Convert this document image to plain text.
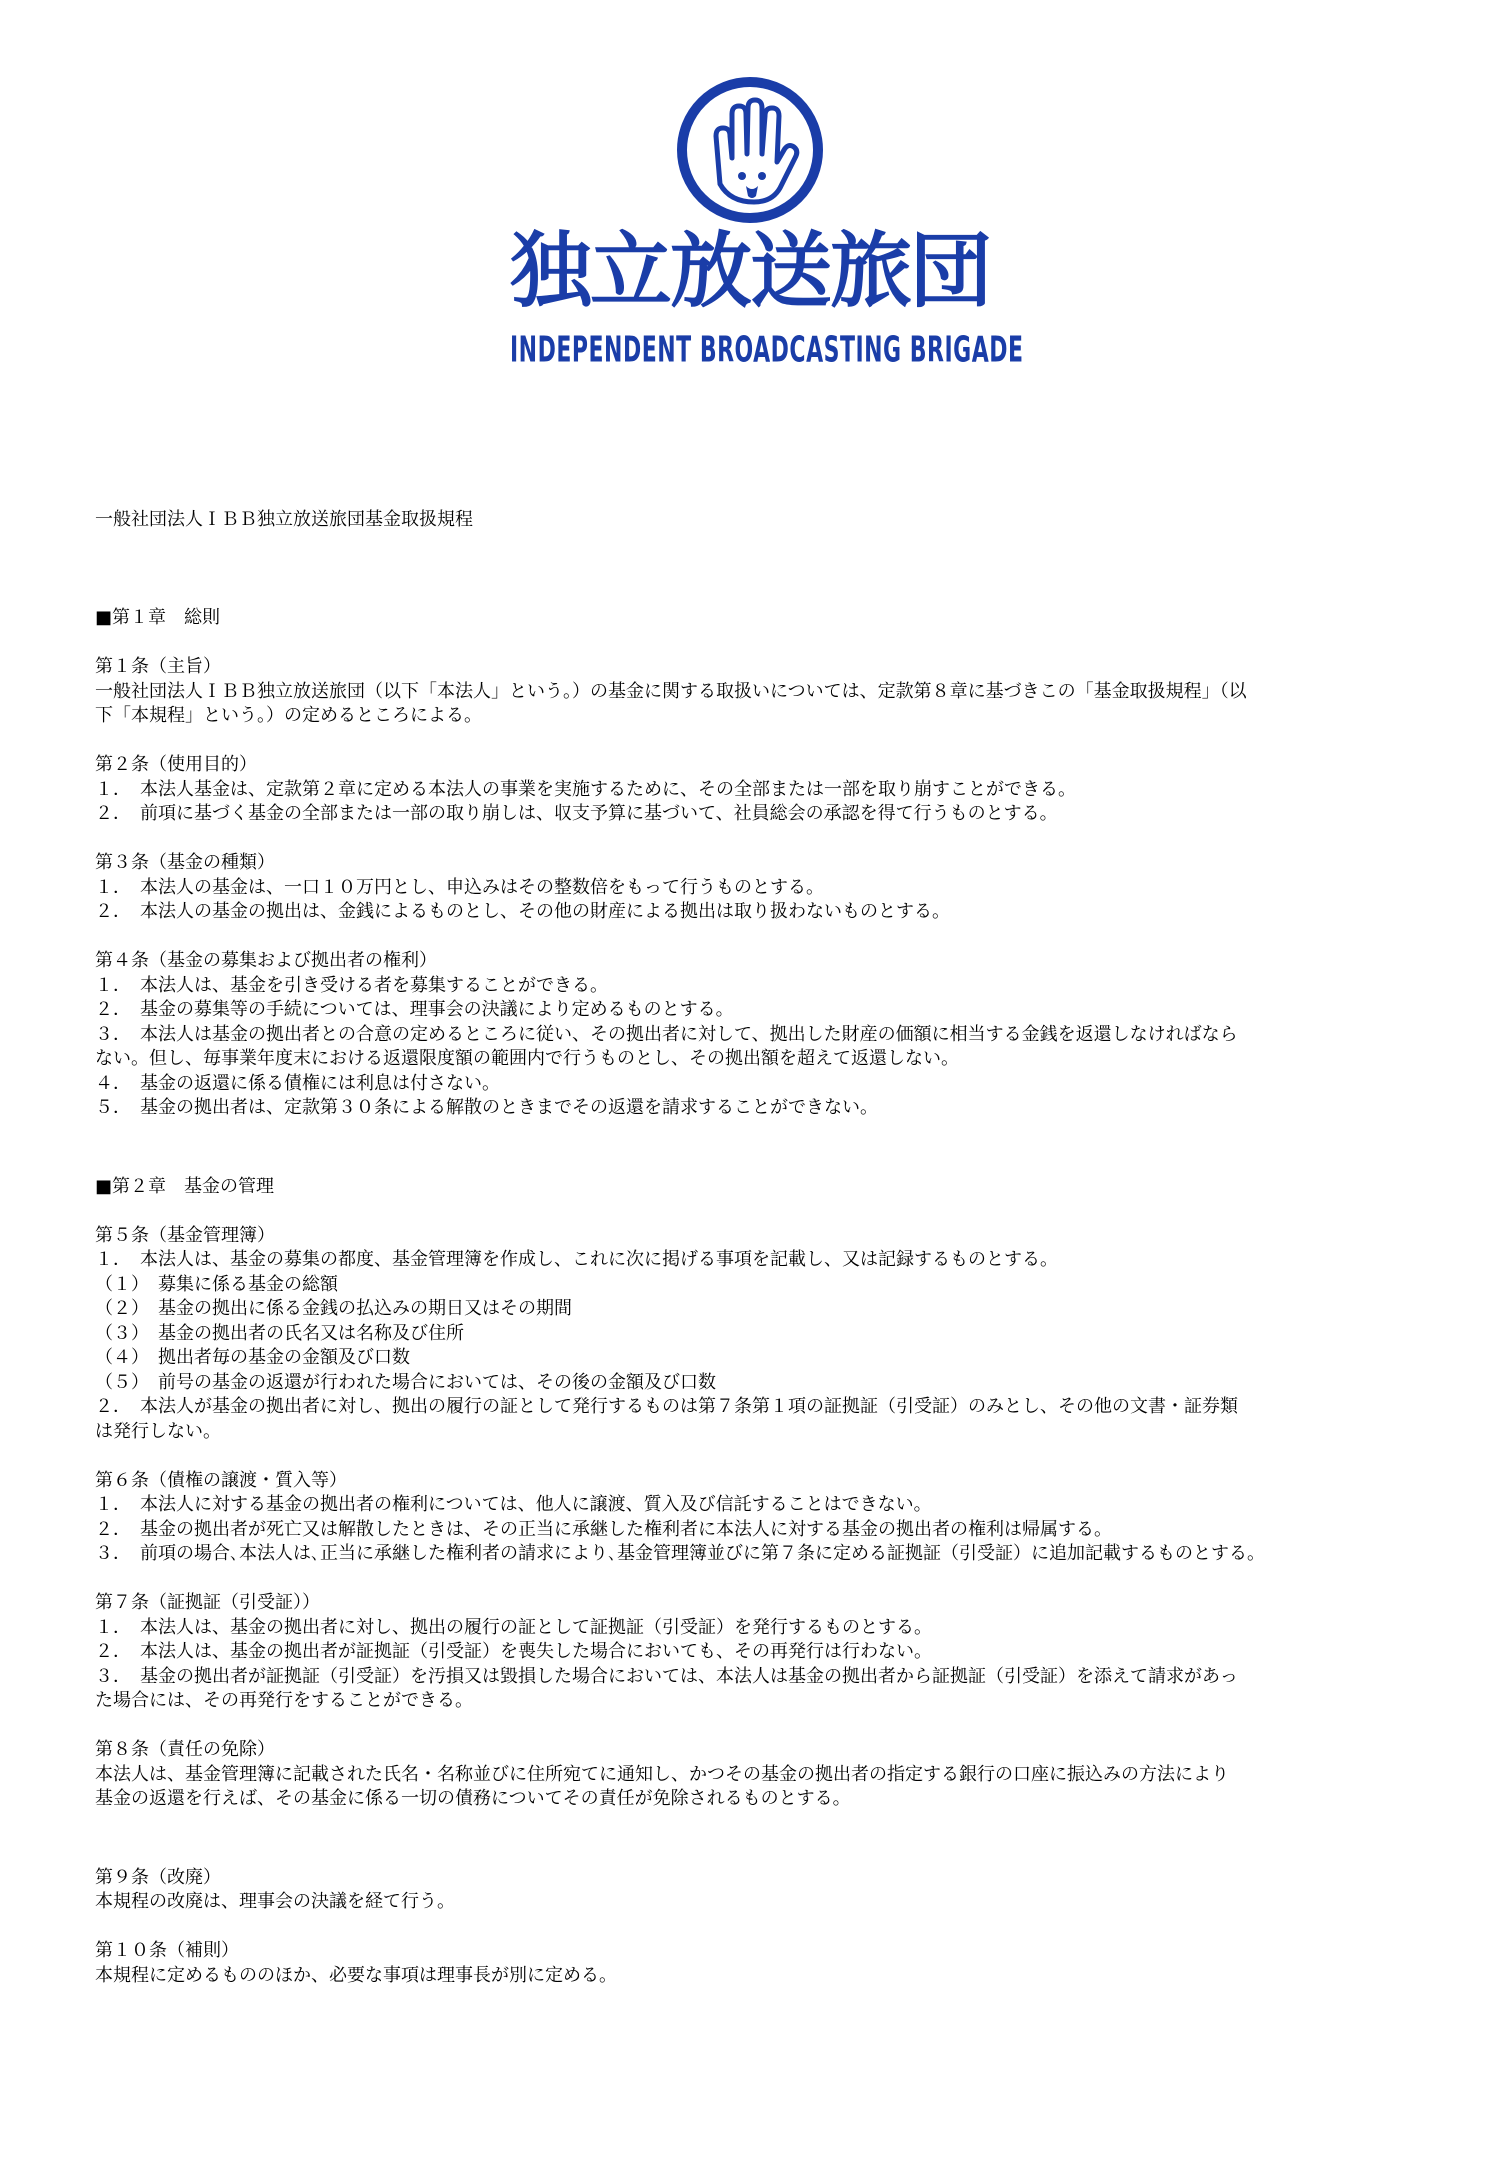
独立放送旅団
INDEPENDENT BROADCASTING BRIGADE

一般社団法人ＩＢＢ独立放送旅団基金取扱規程

■第１章　総則

第１条（主旨）

一般社団法人ＩＢＢ独立放送旅団（以下「本法人」という。）の基金に関する取扱いについては、定款第８章に基づきこの「基金取扱規程」（以

下「本規程」という。）の定めるところによる。

第２条（使用目的）

１．　本法人基金は、定款第２章に定める本法人の事業を実施するために、その全部または一部を取り崩すことができる。

２．　前項に基づく基金の全部または一部の取り崩しは、収支予算に基づいて、社員総会の承認を得て行うものとする。

第３条（基金の種類）

１．　本法人の基金は、一口１０万円とし、申込みはその整数倍をもって行うものとする。

２．　本法人の基金の拠出は、金銭によるものとし、その他の財産による拠出は取り扱わないものとする。

第４条（基金の募集および拠出者の権利）

１．　本法人は、基金を引き受ける者を募集することができる。

２．　基金の募集等の手続については、理事会の決議により定めるものとする。

３．　本法人は基金の拠出者との合意の定めるところに従い、その拠出者に対して、拠出した財産の価額に相当する金銭を返還しなければなら

ない。但し、毎事業年度末における返還限度額の範囲内で行うものとし、その拠出額を超えて返還しない。

４．　基金の返還に係る債権には利息は付さない。

５．　基金の拠出者は、定款第３０条による解散のときまでその返還を請求することができない。

■第２章　基金の管理

第５条（基金管理簿）

１．　本法人は、基金の募集の都度、基金管理簿を作成し、これに次に掲げる事項を記載し、又は記録するものとする。

（１）　募集に係る基金の総額

（２）　基金の拠出に係る金銭の払込みの期日又はその期間

（３）　基金の拠出者の氏名又は名称及び住所

（４）　拠出者毎の基金の金額及び口数

（５）　前号の基金の返還が行われた場合においては、その後の金額及び口数

２．　本法人が基金の拠出者に対し、拠出の履行の証として発行するものは第７条第１項の証拠証（引受証）のみとし、その他の文書・証券類

は発行しない。

第６条（債権の譲渡・質入等）

１．　本法人に対する基金の拠出者の権利については、他人に譲渡、質入及び信託することはできない。

２．　基金の拠出者が死亡又は解散したときは、その正当に承継した権利者に本法人に対する基金の拠出者の権利は帰属する。

３．　前項の場合､本法人は､正当に承継した権利者の請求により､基金管理簿並びに第７条に定める証拠証（引受証）に追加記載するものとする。

第７条（証拠証（引受証））

１．　本法人は、基金の拠出者に対し、拠出の履行の証として証拠証（引受証）を発行するものとする。

２．　本法人は、基金の拠出者が証拠証（引受証）を喪失した場合においても、その再発行は行わない。

３．　基金の拠出者が証拠証（引受証）を汚損又は毀損した場合においては、本法人は基金の拠出者から証拠証（引受証）を添えて請求があっ

た場合には、その再発行をすることができる。

第８条（責任の免除）

本法人は、基金管理簿に記載された氏名・名称並びに住所宛てに通知し、かつその基金の拠出者の指定する銀行の口座に振込みの方法により

基金の返還を行えば、その基金に係る一切の債務についてその責任が免除されるものとする。

第９条（改廃）

本規程の改廃は、理事会の決議を経て行う。

第１０条（補則）

本規程に定めるもののほか、必要な事項は理事長が別に定める。
